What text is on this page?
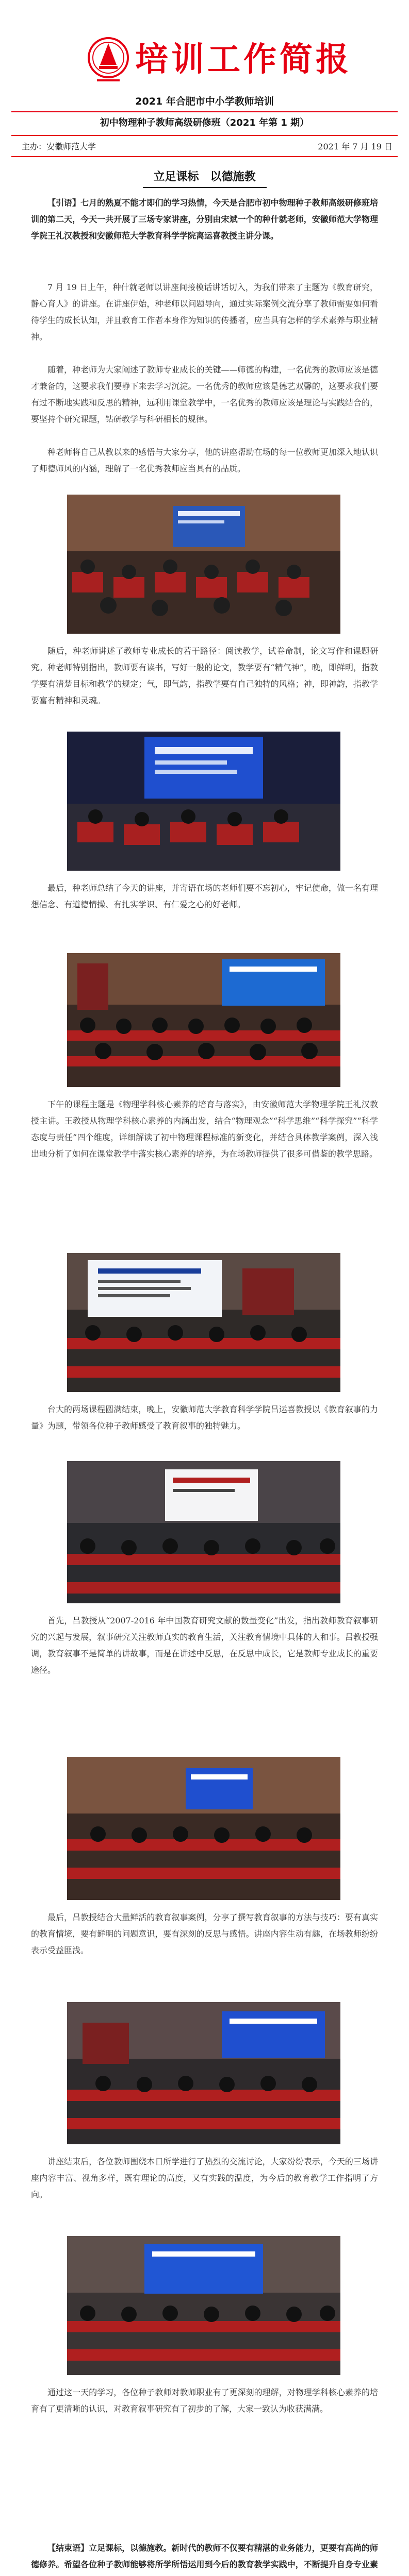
培训工作简报
2021 年合肥市中小学教师培训
初中物理种子教师高级研修班（2021 年第 1 期）
主办：安徽师范大学	2021 年 7 月 19 日
立足课标　以德施教
【引语】七月的熟夏不能才即们的学习热情，今天是合肥市初中物理种子教师高级研修班培训的第二天，今天一共开展了三场专家讲座，分别由宋斌一个的种什就老师，安徽师范大学物理学院王礼汉教授和安徽师范大学教育科学学院离运喜教授主讲分课。
7 月 19 日上午，种什就老师以讲座间接模话讲话切入，为我们带来了主题为《教育研究，静心育人》的讲座。在讲座伊始，种老师以问题导向，通过实际案例交流分享了教师需要如何看待学生的成长认知，并且教育工作者本身作为知识的传播者，应当具有怎样的学术素养与职业精神。
随着，种老师为大家阐述了教师专业成长的关键——师德的构建，一名优秀的教师应该是德才兼备的，这要求我们要静下来去学习沉淀。一名优秀的教师应该是德艺双馨的，这要求我们要有过不断地实践和反思的精神，远利用课堂教学中，一名优秀的教师应该是理论与实践结合的，要坚持个研究课题，钻研教学与科研相长的规律。
种老师将自己从教以来的感悟与大家分享，他的讲座帮助在场的每一位教师更加深入地认识了师德师风的内涵，理解了一名优秀教师应当具有的品质。
随后，种老师讲述了教师专业成长的若干路径：阅读教学，试卷命制，论文写作和课题研究。种老师特别指出，教师要有读书，写好一般的论文，教学要有“精气神”，晚，即鲜明，指教学要有清楚目标和教学的规定；气，即气韵，指教学要有自己独特的风格；神，即神韵，指教学要富有精神和灵魂。
最后，种老师总结了今天的讲座，并寄语在场的老师们要不忘初心，牢记使命，做一名有理想信念、有道德情操、有扎实学识、有仁爱之心的好老师。
下午的课程主题是《物理学科核心素养的培育与落实》，由安徽师范大学物理学院王礼汉教授主讲。王教授从物理学科核心素养的内涵出发，结合“物理观念”“科学思维”“科学探究”“科学态度与责任”四个维度，详细解读了初中物理课程标准的新变化，并结合具体教学案例，深入浅出地分析了如何在课堂教学中落实核心素养的培养，为在场教师提供了很多可借鉴的教学思路。
台大的两场课程圆满结束，晚上，安徽师范大学教育科学学院吕运喜教授以《教育叙事的力量》为题，带领各位种子教师感受了教育叙事的独特魅力。
首先，吕教授从“2007-2016 年中国教育研究文献的数量变化”出发，指出教师教育叙事研究的兴起与发展，叙事研究关注教师真实的教育生活，关注教育情境中具体的人和事。吕教授强调，教育叙事不是简单的讲故事，而是在讲述中反思，在反思中成长，它是教师专业成长的重要途径。
最后，吕教授结合大量鲜活的教育叙事案例，分享了撰写教育叙事的方法与技巧：要有真实的教育情境，要有鲜明的问题意识，要有深刻的反思与感悟。讲座内容生动有趣，在场教师纷纷表示受益匪浅。
讲座结束后，各位教师围绕本日所学进行了热烈的交流讨论，大家纷纷表示，今天的三场讲座内容丰富、视角多样，既有理论的高度，又有实践的温度，为今后的教育教学工作指明了方向。
通过这一天的学习，各位种子教师对教师职业有了更深刻的理解，对物理学科核心素养的培育有了更清晰的认识，对教育叙事研究有了初步的了解，大家一致认为收获满满。
【结束语】立足课标，以德施教。新时代的教师不仅要有精湛的业务能力，更要有高尚的师德修养。希望各位种子教师能够将所学所悟运用到今后的教育教学实践中，不断提升自身专业素
